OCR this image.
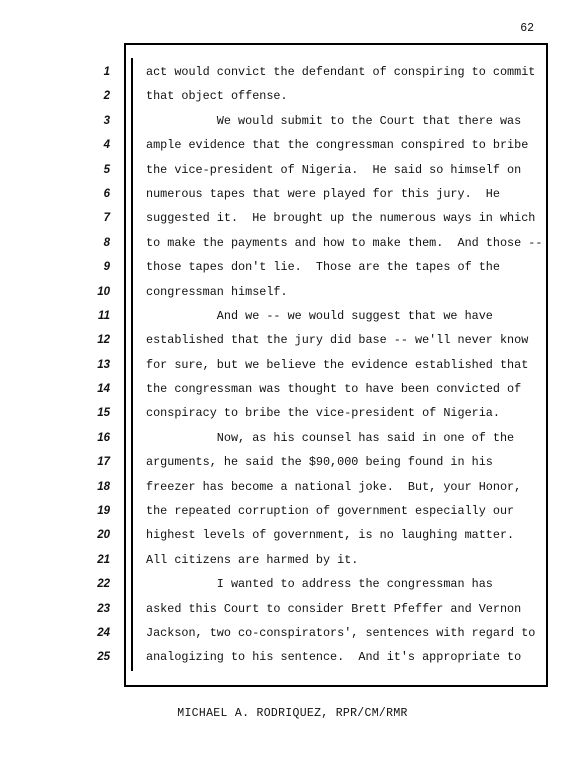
62
1
2
3
4
5
6
7
8
9
10
11
12
13
14
15
16
17
18
19
20
21
22
23
24
25
act would convict the defendant of conspiring to commit
that object offense.
We would submit to the Court that there was
ample evidence that the congressman conspired to bribe
the vice-president of Nigeria.  He said so himself on
numerous tapes that were played for this jury.  He
suggested it.  He brought up the numerous ways in which
to make the payments and how to make them.  And those --
those tapes don't lie.  Those are the tapes of the
congressman himself.
And we -- we would suggest that we have
established that the jury did base -- we'll never know
for sure, but we believe the evidence established that
the congressman was thought to have been convicted of
conspiracy to bribe the vice-president of Nigeria.
Now, as his counsel has said in one of the
arguments, he said the $90,000 being found in his
freezer has become a national joke.  But, your Honor,
the repeated corruption of government especially our
highest levels of government, is no laughing matter.
All citizens are harmed by it.
I wanted to address the congressman has
asked this Court to consider Brett Pfeffer and Vernon
Jackson, two co-conspirators', sentences with regard to
analogizing to his sentence.  And it's appropriate to
MICHAEL A. RODRIQUEZ, RPR/CM/RMR
